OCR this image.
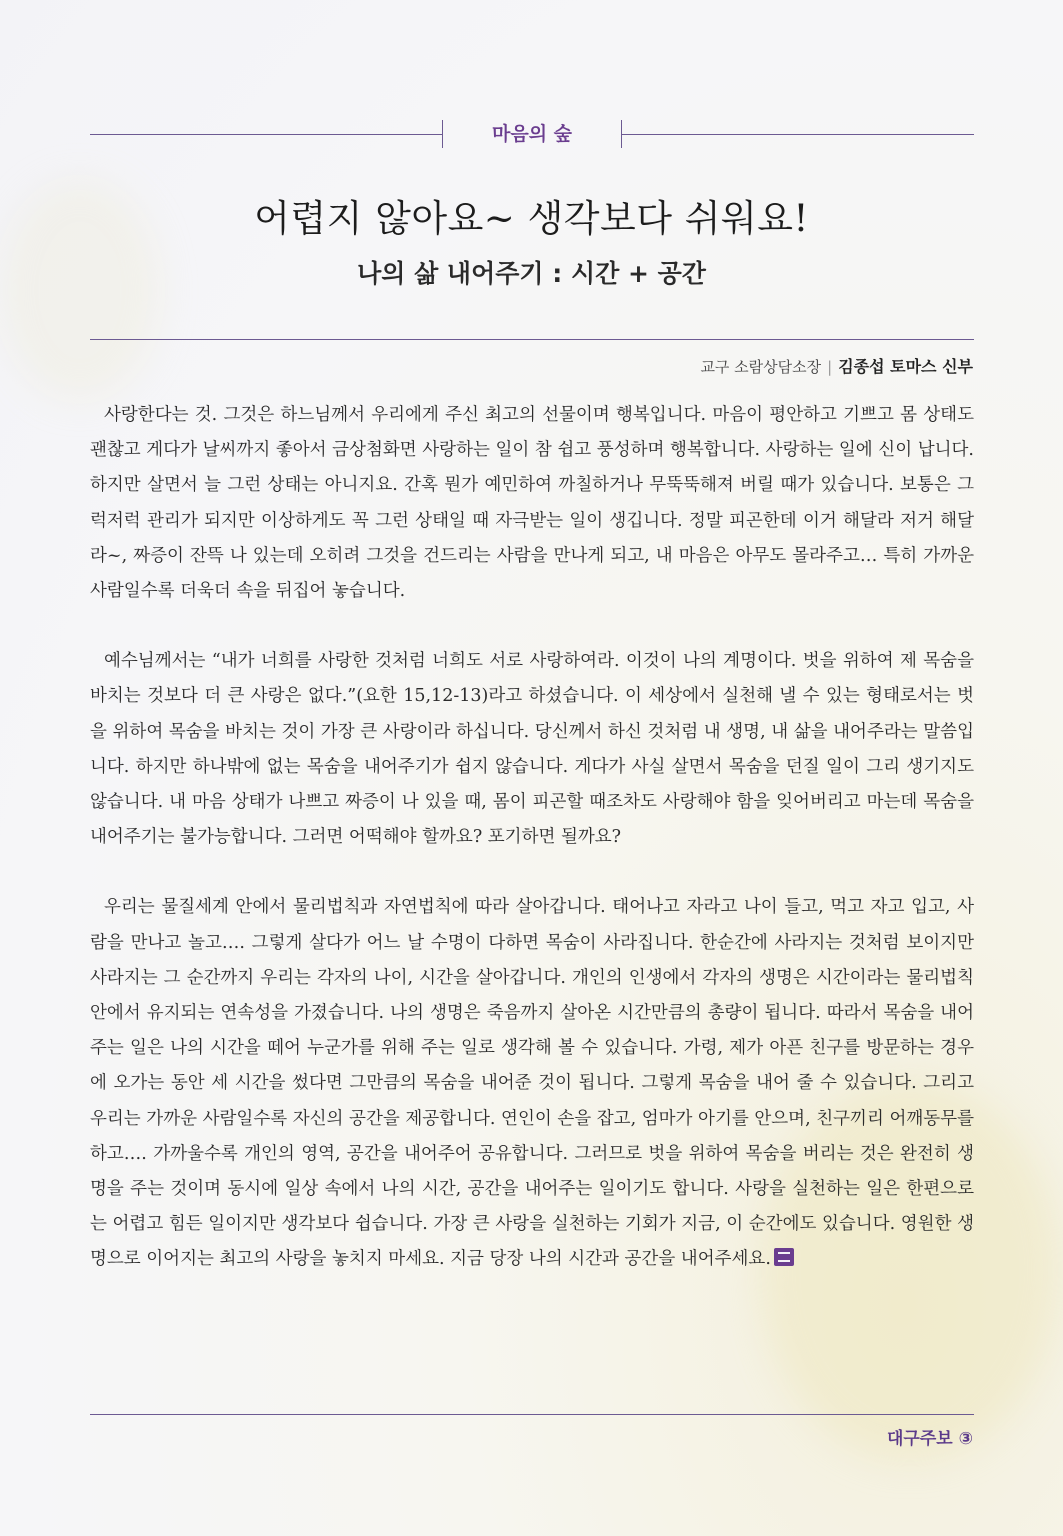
마음의 숲
어렵지 않아요~ 생각보다 쉬워요!
나의 삶 내어주기 : 시간 + 공간
교구 소람상담소장 | 김종섭 토마스 신부

사랑한다는 것. 그것은 하느님께서 우리에게 주신 최고의 선물이며 행복입니다. 마음이 평안하고 기쁘고 몸 상태도 괜찮고 게다가 날씨까지 좋아서 금상첨화면 사랑하는 일이 참 쉽고 풍성하며 행복합니다. 사랑하는 일에 신이 납니다. 하지만 살면서 늘 그런 상태는 아니지요. 간혹 뭔가 예민하여 까칠하거나 무뚝뚝해져 버릴 때가 있습니다. 보통은 그럭저럭 관리가 되지만 이상하게도 꼭 그런 상태일 때 자극받는 일이 생깁니다. 정말 피곤한데 이거 해달라 저거 해달라~, 짜증이 잔뜩 나 있는데 오히려 그것을 건드리는 사람을 만나게 되고, 내 마음은 아무도 몰라주고… 특히 가까운 사람일수록 더욱더 속을 뒤집어 놓습니다.

예수님께서는 “내가 너희를 사랑한 것처럼 너희도 서로 사랑하여라. 이것이 나의 계명이다. 벗을 위하여 제 목숨을 바치는 것보다 더 큰 사랑은 없다.”(요한 15,12-13)라고 하셨습니다. 이 세상에서 실천해 낼 수 있는 형태로서는 벗을 위하여 목숨을 바치는 것이 가장 큰 사랑이라 하십니다. 당신께서 하신 것처럼 내 생명, 내 삶을 내어주라는 말씀입니다. 하지만 하나밖에 없는 목숨을 내어주기가 쉽지 않습니다. 게다가 사실 살면서 목숨을 던질 일이 그리 생기지도 않습니다. 내 마음 상태가 나쁘고 짜증이 나 있을 때, 몸이 피곤할 때조차도 사랑해야 함을 잊어버리고 마는데 목숨을 내어주기는 불가능합니다. 그러면 어떡해야 할까요? 포기하면 될까요?

우리는 물질세계 안에서 물리법칙과 자연법칙에 따라 살아갑니다. 태어나고 자라고 나이 들고, 먹고 자고 입고, 사람을 만나고 놀고…. 그렇게 살다가 어느 날 수명이 다하면 목숨이 사라집니다. 한순간에 사라지는 것처럼 보이지만 사라지는 그 순간까지 우리는 각자의 나이, 시간을 살아갑니다. 개인의 인생에서 각자의 생명은 시간이라는 물리법칙 안에서 유지되는 연속성을 가졌습니다. 나의 생명은 죽음까지 살아온 시간만큼의 총량이 됩니다. 따라서 목숨을 내어주는 일은 나의 시간을 떼어 누군가를 위해 주는 일로 생각해 볼 수 있습니다. 가령, 제가 아픈 친구를 방문하는 경우에 오가는 동안 세 시간을 썼다면 그만큼의 목숨을 내어준 것이 됩니다. 그렇게 목숨을 내어 줄 수 있습니다. 그리고 우리는 가까운 사람일수록 자신의 공간을 제공합니다. 연인이 손을 잡고, 엄마가 아기를 안으며, 친구끼리 어깨동무를 하고…. 가까울수록 개인의 영역, 공간을 내어주어 공유합니다. 그러므로 벗을 위하여 목숨을 버리는 것은 완전히 생명을 주는 것이며 동시에 일상 속에서 나의 시간, 공간을 내어주는 일이기도 합니다. 사랑을 실천하는 일은 한편으로는 어렵고 힘든 일이지만 생각보다 쉽습니다. 가장 큰 사랑을 실천하는 기회가 지금, 이 순간에도 있습니다. 영원한 생명으로 이어지는 최고의 사랑을 놓치지 마세요. 지금 당장 나의 시간과 공간을 내어주세요.

대구주보 ③
